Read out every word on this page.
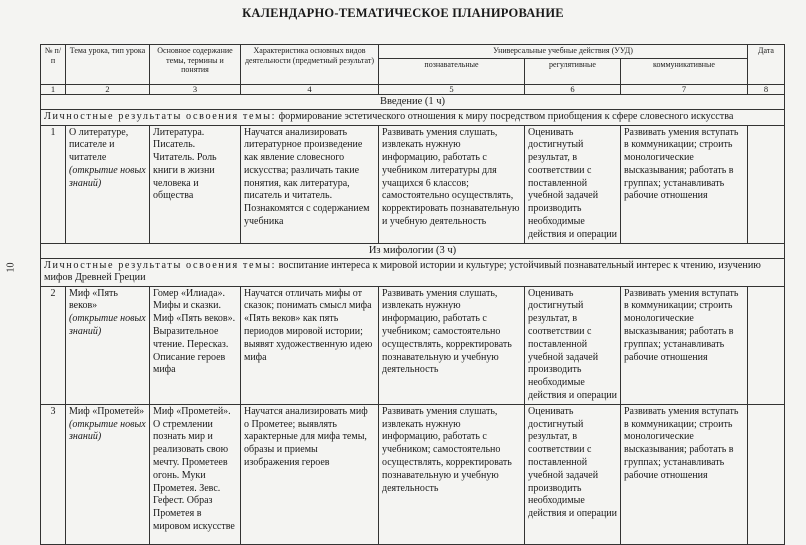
КАЛЕНДАРНО-ТЕМАТИЧЕСКОЕ ПЛАНИРОВАНИЕ
10
№ п/п	Тема урока, тип урока	Основное содержание темы, термины и понятия	Характеристика основных видов деятельности (предметный результат)	Универсальные учебные действия (УУД)			Дата
				познавательные	регулятивные	коммуникативные	
1	2	3	4	5	6	7	8
Введение (1 ч)							
Личностные результаты освоения темы: формирование эстетического отношения к миру посредством приобщения к сфере словесного искусства							
1	О литературе, писателе и читателе (открытие новых знаний)	Литература. Писатель. Читатель. Роль книги в жизни человека и общества	Научатся анализировать литературное произведение как явление словесного искусства; различать такие понятия, как литература, писатель и читатель. Познакомятся с содержанием учебника	Развивать умения слушать, извлекать нужную информацию, работать с учебником литературы для учащихся 6 классов; самостоятельно осуществлять, корректировать познавательную и учебную деятельность	Оценивать достигнутый результат, в соответствии с поставленной учебной задачей производить необходимые действия и операции	Развивать умения вступать в коммуникации; строить монологические высказывания; работать в группах; устанавливать рабочие отношения	
Из мифологии (3 ч)							
Личностные результаты освоения темы: воспитание интереса к мировой истории и культуре; устойчивый познавательный интерес к чтению, изучению мифов Древней Греции							
2	Миф «Пять веков» (открытие новых знаний)	Гомер «Илиада». Мифы и сказки. Миф «Пять веков». Выразительное чтение. Пересказ. Описание героев мифа	Научатся отличать мифы от сказок; понимать смысл мифа «Пять веков» как пять периодов мировой истории; выявят художественную идею мифа	Развивать умения слушать, извлекать нужную информацию, работать с учебником; самостоятельно осуществлять, корректировать познавательную и учебную деятельность	Оценивать достигнутый результат, в соответствии с поставленной учебной задачей производить необходимые действия и операции	Развивать умения вступать в коммуникации; строить монологические высказывания; работать в группах; устанавливать рабочие отношения	
3	Миф «Прометей» (открытие новых знаний)	Миф «Прометей». О стремлении познать мир и реализовать свою мечту. Прометеев огонь. Муки Прометея. Зевс. Гефест. Образ Прометея в мировом искусстве	Научатся анализировать миф о Прометее; выявлять характерные для мифа темы, образы и приемы изображения героев	Развивать умения слушать, извлекать нужную информацию, работать с учебником; самостоятельно осуществлять, корректировать познавательную и учебную деятельность	Оценивать достигнутый результат, в соответствии с поставленной учебной задачей производить необходимые действия и операции	Развивать умения вступать в коммуникации; строить монологические высказывания; работать в группах; устанавливать рабочие отношения	
